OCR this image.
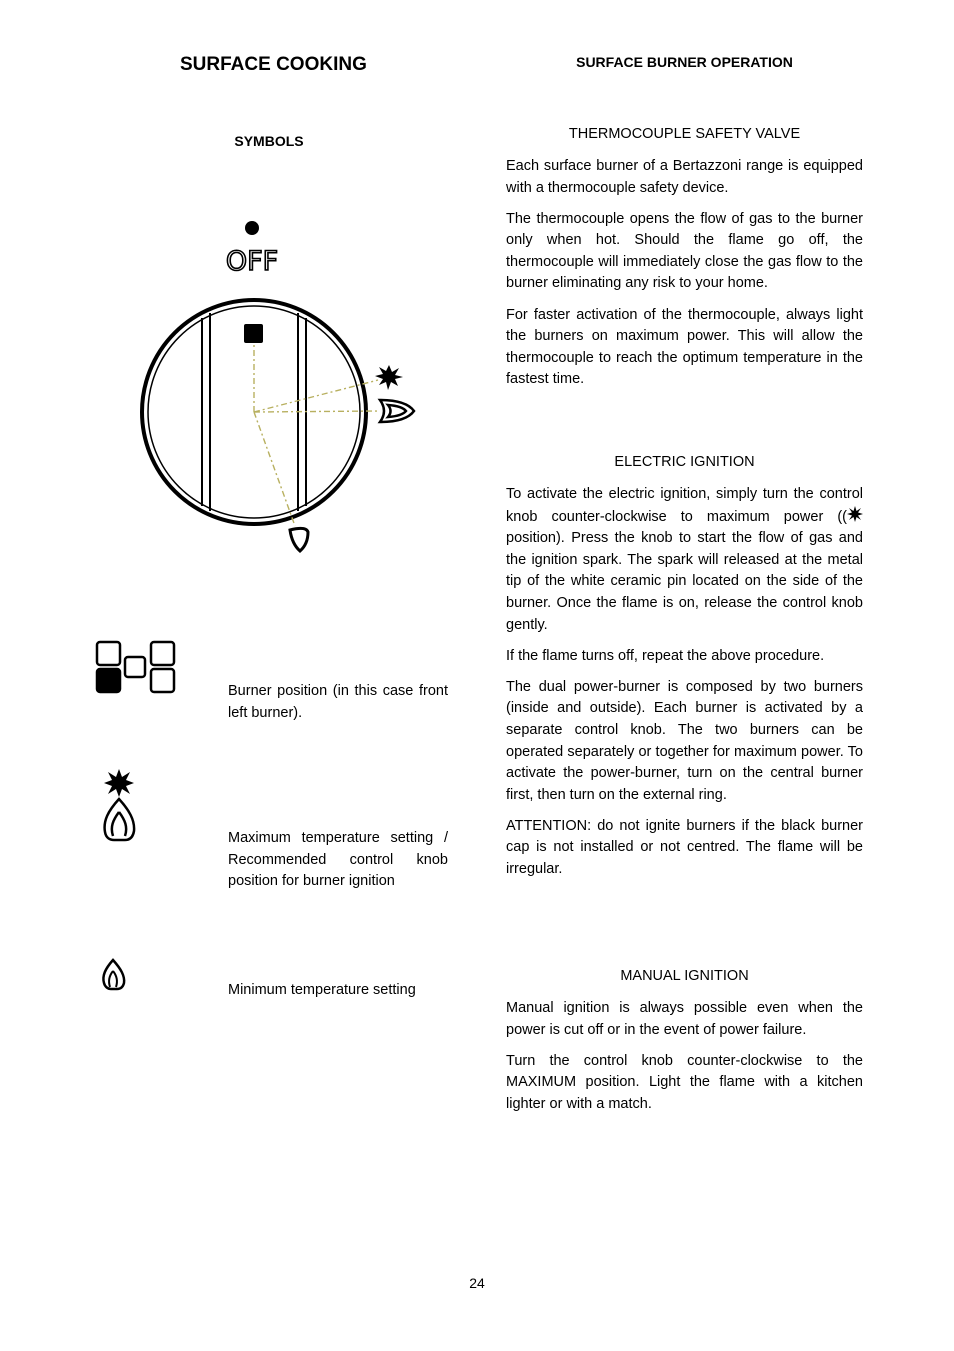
SURFACE COOKING	SURFACE BURNER OPERATION
SYMBOLS
OFF

Burner position (in this case front left burner).

Maximum temperature setting / Recommended control knob position for burner ignition

Minimum temperature setting

THERMOCOUPLE SAFETY VALVE

Each surface burner of a Bertazzoni range is equipped with a thermocouple safety device.

The thermocouple opens the flow of gas to the burner only when hot. Should the flame go off, the thermocouple will immediately close the gas flow to the burner eliminating any risk to your home.

For faster activation of the thermocouple, always light the burners on maximum power. This will allow the thermocouple to reach the optimum temperature in the fastest time.

ELECTRIC IGNITION

To activate the electric ignition, simply turn the control knob counter-clockwise to maximum power ((position). Press the knob to start the flow of gas and the ignition spark. The spark will released at the metal tip of the white ceramic pin located on the side of the burner. Once the flame is on, release the control knob gently.

If the flame turns off, repeat the above procedure.

The dual power-burner is composed by two burners (inside and outside). Each burner is activated by a separate control knob. The two burners can be operated separately or together for maximum power. To activate the power-burner, turn on the central burner first, then turn on the external ring.

ATTENTION: do not ignite burners if the black burner cap is not installed or not centred. The flame will be irregular.

MANUAL IGNITION

Manual ignition is always possible even when the power is cut off or in the event of power failure.

Turn the control knob counter-clockwise to the MAXIMUM position. Light the flame with a kitchen lighter or with a match.

24
